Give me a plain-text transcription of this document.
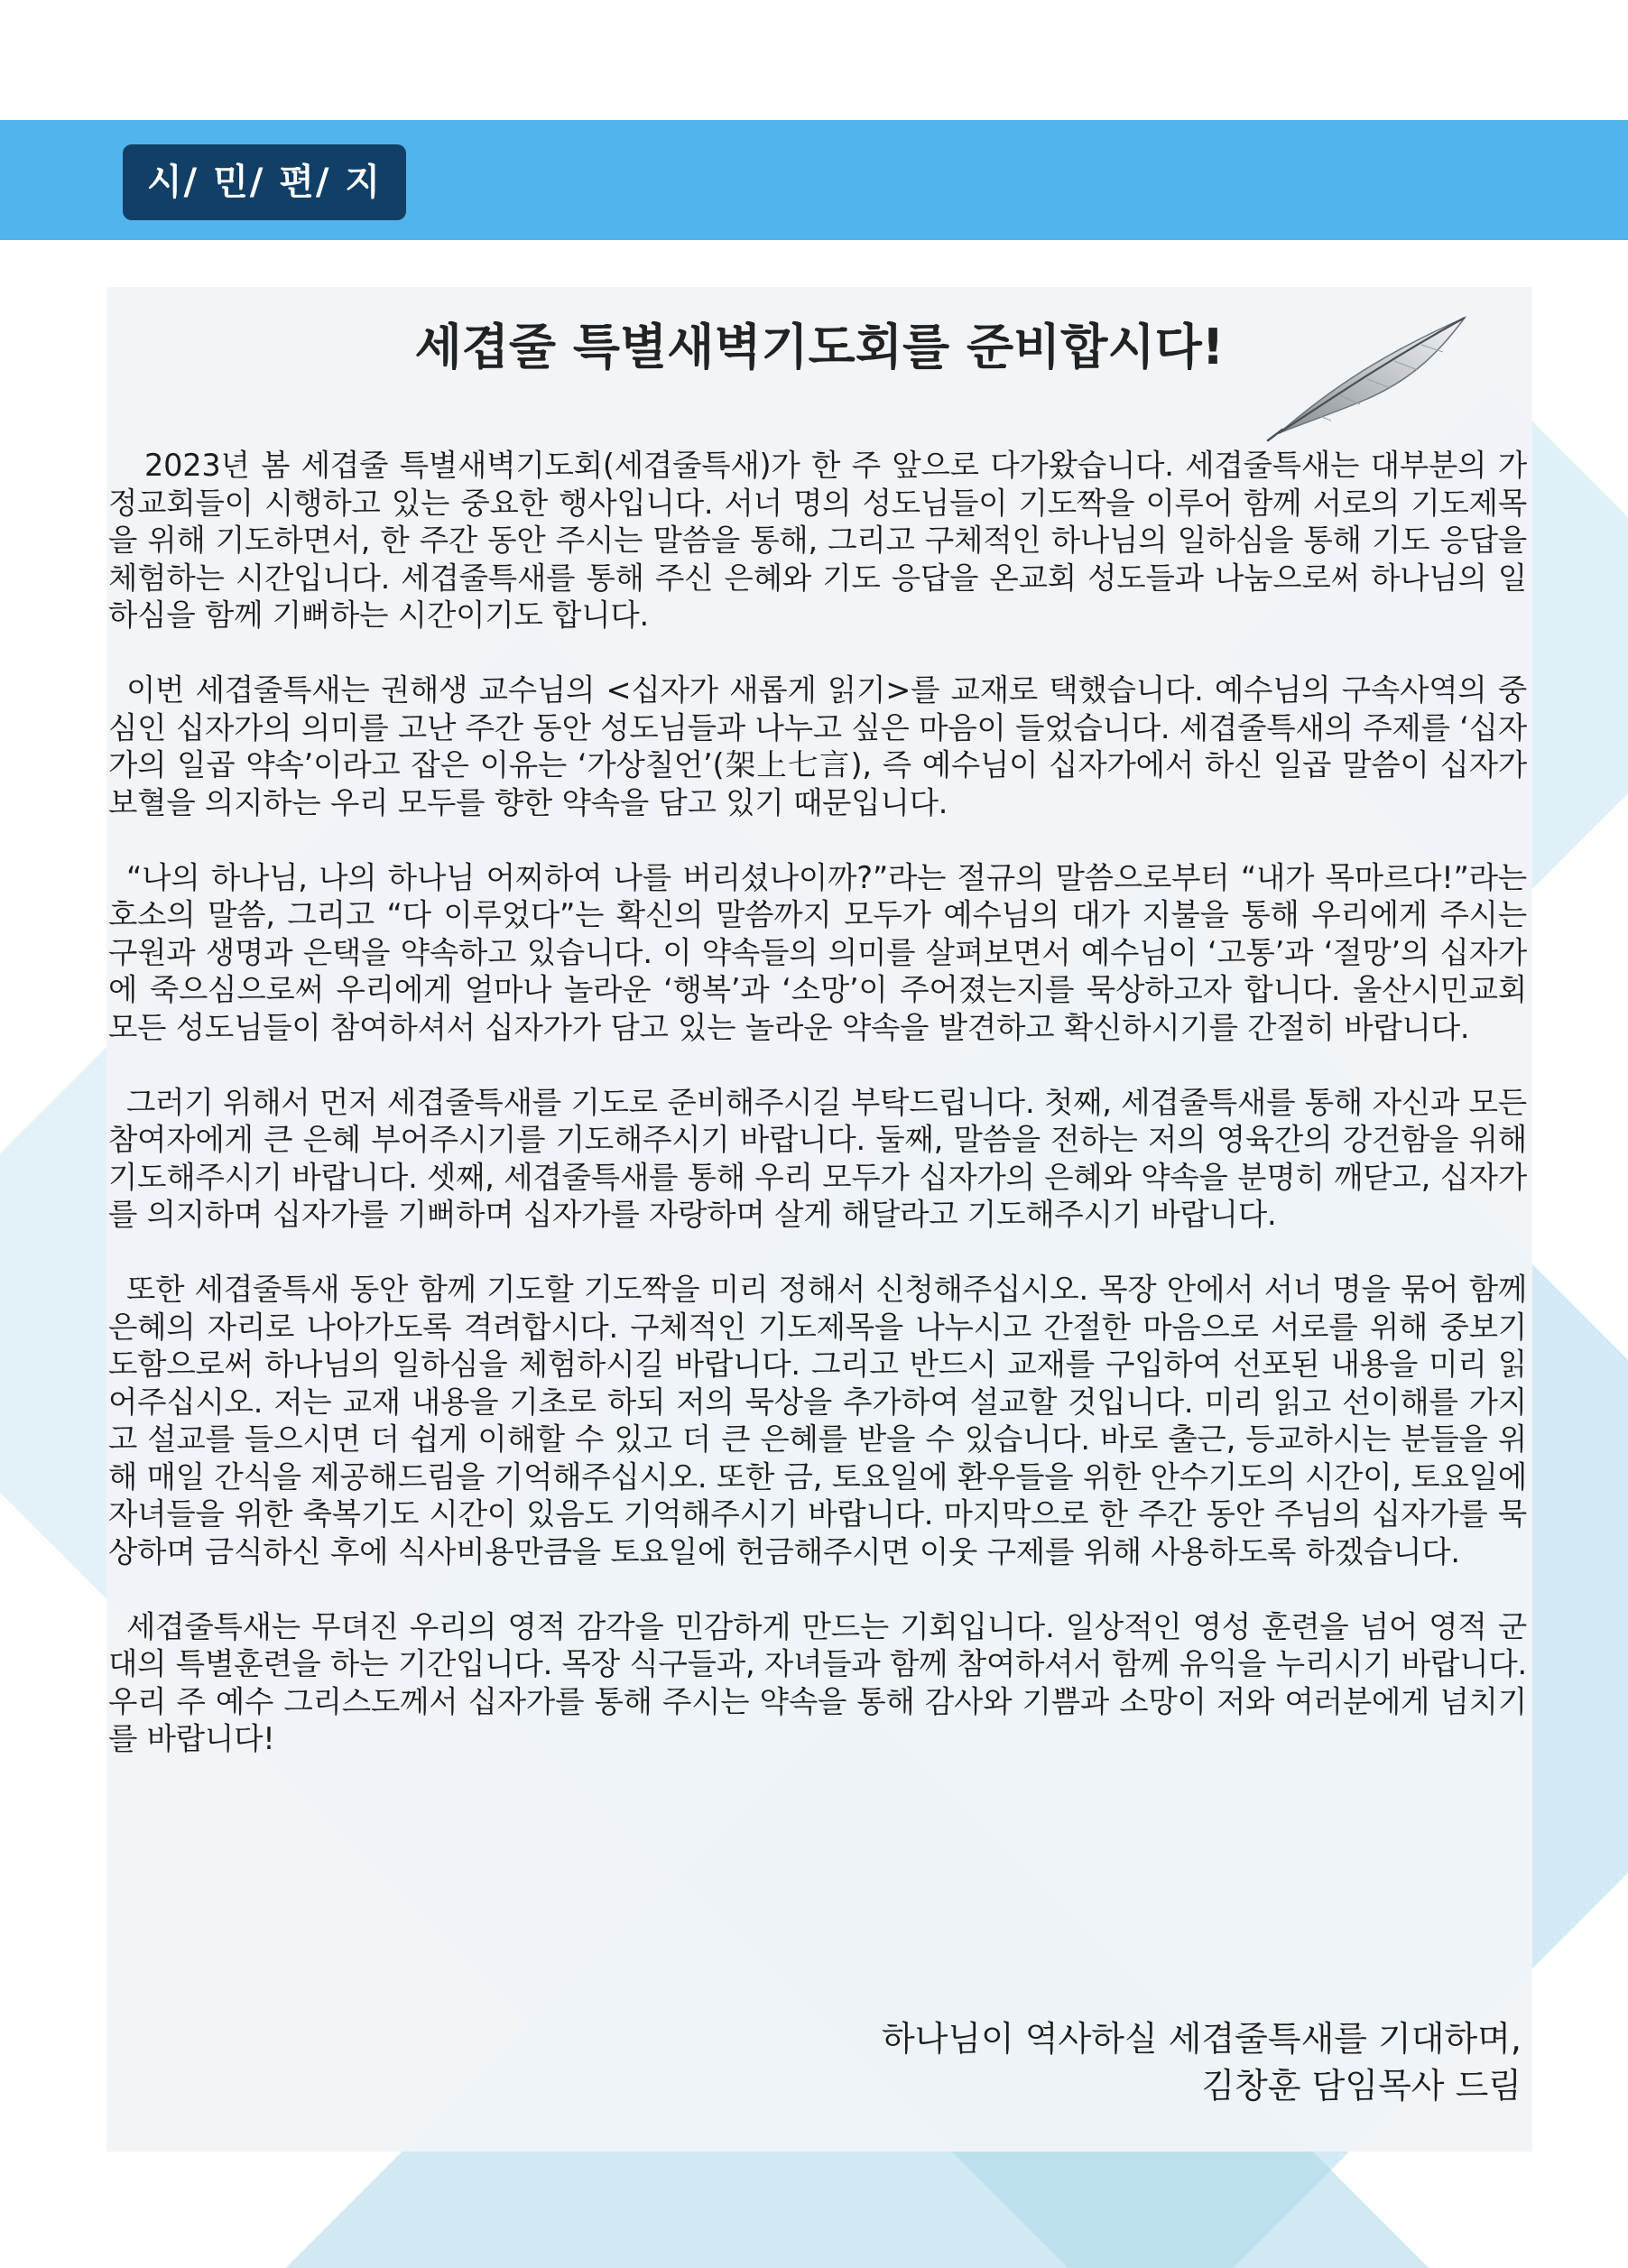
시/ 민/ 편/ 지
세겹줄 특별새벽기도회를 준비합시다!

2023년 봄 세겹줄 특별새벽기도회(세겹줄특새)가 한 주 앞으로 다가왔습니다. 세겹줄특새는 대부분의 가정교회들이 시행하고 있는 중요한 행사입니다. 서너 명의 성도님들이 기도짝을 이루어 함께 서로의 기도제목을 위해 기도하면서, 한 주간 동안 주시는 말씀을 통해, 그리고 구체적인 하나님의 일하심을 통해 기도 응답을 체험하는 시간입니다. 세겹줄특새를 통해 주신 은혜와 기도 응답을 온교회 성도들과 나눔으로써 하나님의 일하심을 함께 기뻐하는 시간이기도 합니다.

이번 세겹줄특새는 권해생 교수님의 <십자가 새롭게 읽기>를 교재로 택했습니다. 예수님의 구속사역의 중심인 십자가의 의미를 고난 주간 동안 성도님들과 나누고 싶은 마음이 들었습니다. 세겹줄특새의 주제를 ‘십자가의 일곱 약속’이라고 잡은 이유는 ‘가상칠언’(架上七言), 즉 예수님이 십자가에서 하신 일곱 말씀이 십자가 보혈을 의지하는 우리 모두를 향한 약속을 담고 있기 때문입니다.

“나의 하나님, 나의 하나님 어찌하여 나를 버리셨나이까?”라는 절규의 말씀으로부터 “내가 목마르다!”라는 호소의 말씀, 그리고 “다 이루었다”는 확신의 말씀까지 모두가 예수님의 대가 지불을 통해 우리에게 주시는 구원과 생명과 은택을 약속하고 있습니다. 이 약속들의 의미를 살펴보면서 예수님이 ‘고통’과 ‘절망’의 십자가에 죽으심으로써 우리에게 얼마나 놀라운 ‘행복’과 ‘소망’이 주어졌는지를 묵상하고자 합니다. 울산시민교회 모든 성도님들이 참여하셔서 십자가가 담고 있는 놀라운 약속을 발견하고 확신하시기를 간절히 바랍니다.

그러기 위해서 먼저 세겹줄특새를 기도로 준비해주시길 부탁드립니다. 첫째, 세겹줄특새를 통해 자신과 모든 참여자에게 큰 은혜 부어주시기를 기도해주시기 바랍니다. 둘째, 말씀을 전하는 저의 영육간의 강건함을 위해 기도해주시기 바랍니다. 셋째, 세겹줄특새를 통해 우리 모두가 십자가의 은혜와 약속을 분명히 깨닫고, 십자가를 의지하며 십자가를 기뻐하며 십자가를 자랑하며 살게 해달라고 기도해주시기 바랍니다.

또한 세겹줄특새 동안 함께 기도할 기도짝을 미리 정해서 신청해주십시오. 목장 안에서 서너 명을 묶어 함께 은혜의 자리로 나아가도록 격려합시다. 구체적인 기도제목을 나누시고 간절한 마음으로 서로를 위해 중보기도함으로써 하나님의 일하심을 체험하시길 바랍니다. 그리고 반드시 교재를 구입하여 선포된 내용을 미리 읽어주십시오. 저는 교재 내용을 기초로 하되 저의 묵상을 추가하여 설교할 것입니다. 미리 읽고 선이해를 가지고 설교를 들으시면 더 쉽게 이해할 수 있고 더 큰 은혜를 받을 수 있습니다. 바로 출근, 등교하시는 분들을 위해 매일 간식을 제공해드림을 기억해주십시오. 또한 금, 토요일에 환우들을 위한 안수기도의 시간이, 토요일에 자녀들을 위한 축복기도 시간이 있음도 기억해주시기 바랍니다. 마지막으로 한 주간 동안 주님의 십자가를 묵상하며 금식하신 후에 식사비용만큼을 토요일에 헌금해주시면 이웃 구제를 위해 사용하도록 하겠습니다.

세겹줄특새는 무뎌진 우리의 영적 감각을 민감하게 만드는 기회입니다. 일상적인 영성 훈련을 넘어 영적 군대의 특별훈련을 하는 기간입니다. 목장 식구들과, 자녀들과 함께 참여하셔서 함께 유익을 누리시기 바랍니다. 우리 주 예수 그리스도께서 십자가를 통해 주시는 약속을 통해 감사와 기쁨과 소망이 저와 여러분에게 넘치기를 바랍니다!

하나님이 역사하실 세겹줄특새를 기대하며,
김창훈 담임목사 드림
